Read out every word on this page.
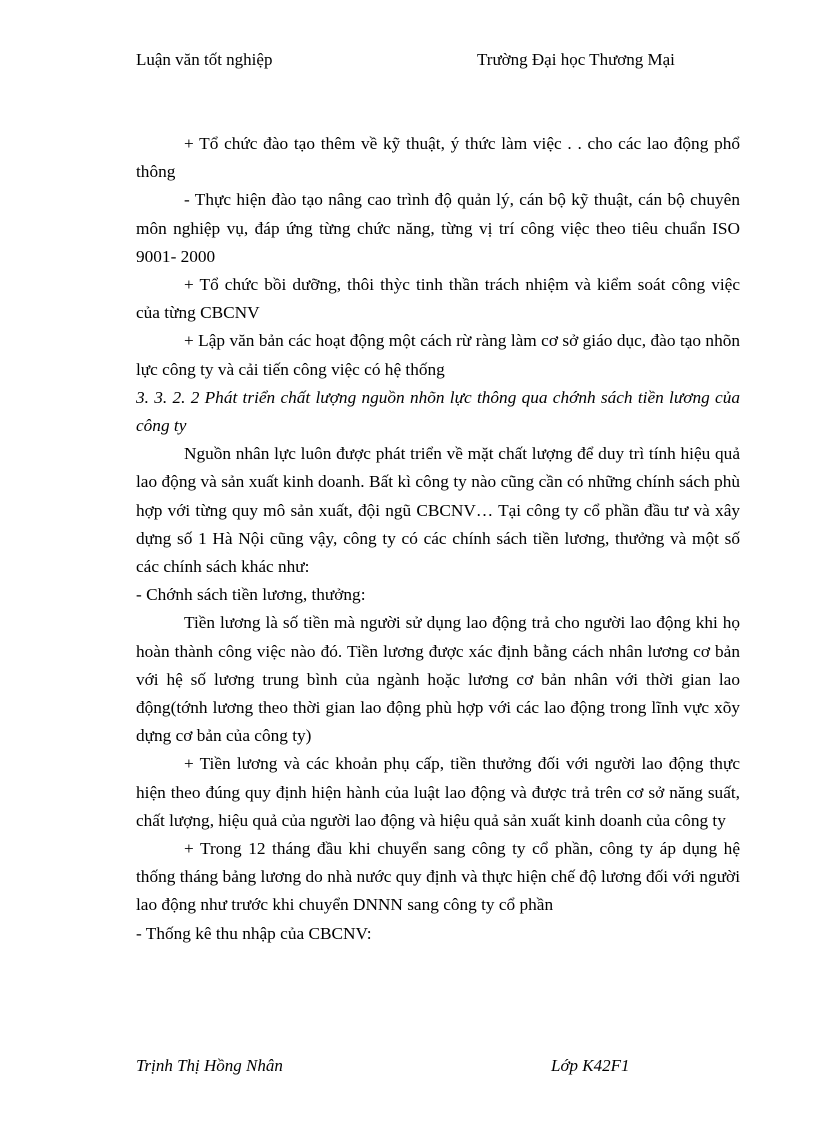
Luận văn tốt nghiệp	Trường Đại học Thương Mại

+ Tổ chức đào tạo thêm về kỹ thuật, ý thức làm việc . . cho các lao động phổ thông

- Thực hiện đào tạo nâng cao trình độ quản lý, cán bộ kỹ thuật, cán bộ chuyên môn nghiệp vụ, đáp ứng từng chức năng, từng vị trí công việc theo tiêu chuẩn ISO 9001- 2000

+ Tổ chức bồi dưỡng, thôi thỳc tinh thần trách nhiệm và kiểm soát công việc của từng CBCNV

+ Lập văn bản các hoạt động một cách rừ ràng làm cơ sở giáo dục, đào tạo nhõn lực công ty và cải tiến công việc có hệ thống

3. 3. 2. 2 Phát triển chất lượng nguồn nhõn lực thông qua chớnh sách tiền lương của công ty

Nguồn nhân lực luôn được phát triển về mặt chất lượng để duy trì tính hiệu quả lao động và sản xuất kinh doanh. Bất kì công ty nào cũng cần có những chính sách phù hợp với từng quy mô sản xuất, đội ngũ CBCNV… Tại công ty cổ phần đầu tư và xây dựng số 1 Hà Nội cũng vậy, công ty có các chính sách tiền lương, thưởng và một số các chính sách khác như:

- Chớnh sách tiền lương, thưởng:

Tiền lương là số tiền mà người sử dụng lao động trả cho người lao động khi họ hoàn thành công việc nào đó. Tiền lương được xác định bằng cách nhân lương cơ bản với hệ số lương trung bình của ngành hoặc lương cơ bản nhân với thời gian lao động(tớnh lương theo thời gian lao động phù hợp với các lao động trong lĩnh vực xõy dựng cơ bản của công ty)

+ Tiền lương và các khoản phụ cấp, tiền thưởng đối với người lao động thực hiện theo đúng quy định hiện hành của luật lao động và được trả trên cơ sở năng suất, chất lượng, hiệu quả của người lao động và hiệu quả sản xuất kinh doanh của công ty

+ Trong 12 tháng đầu khi chuyển sang công ty cổ phần, công ty áp dụng hệ thống tháng bảng lương do nhà nước quy định và thực hiện chế độ lương đối với người lao động như trước khi chuyển DNNN sang công ty cổ phần

- Thống kê thu nhập của CBCNV:

Trịnh Thị Hồng Nhân	Lớp K42F1
